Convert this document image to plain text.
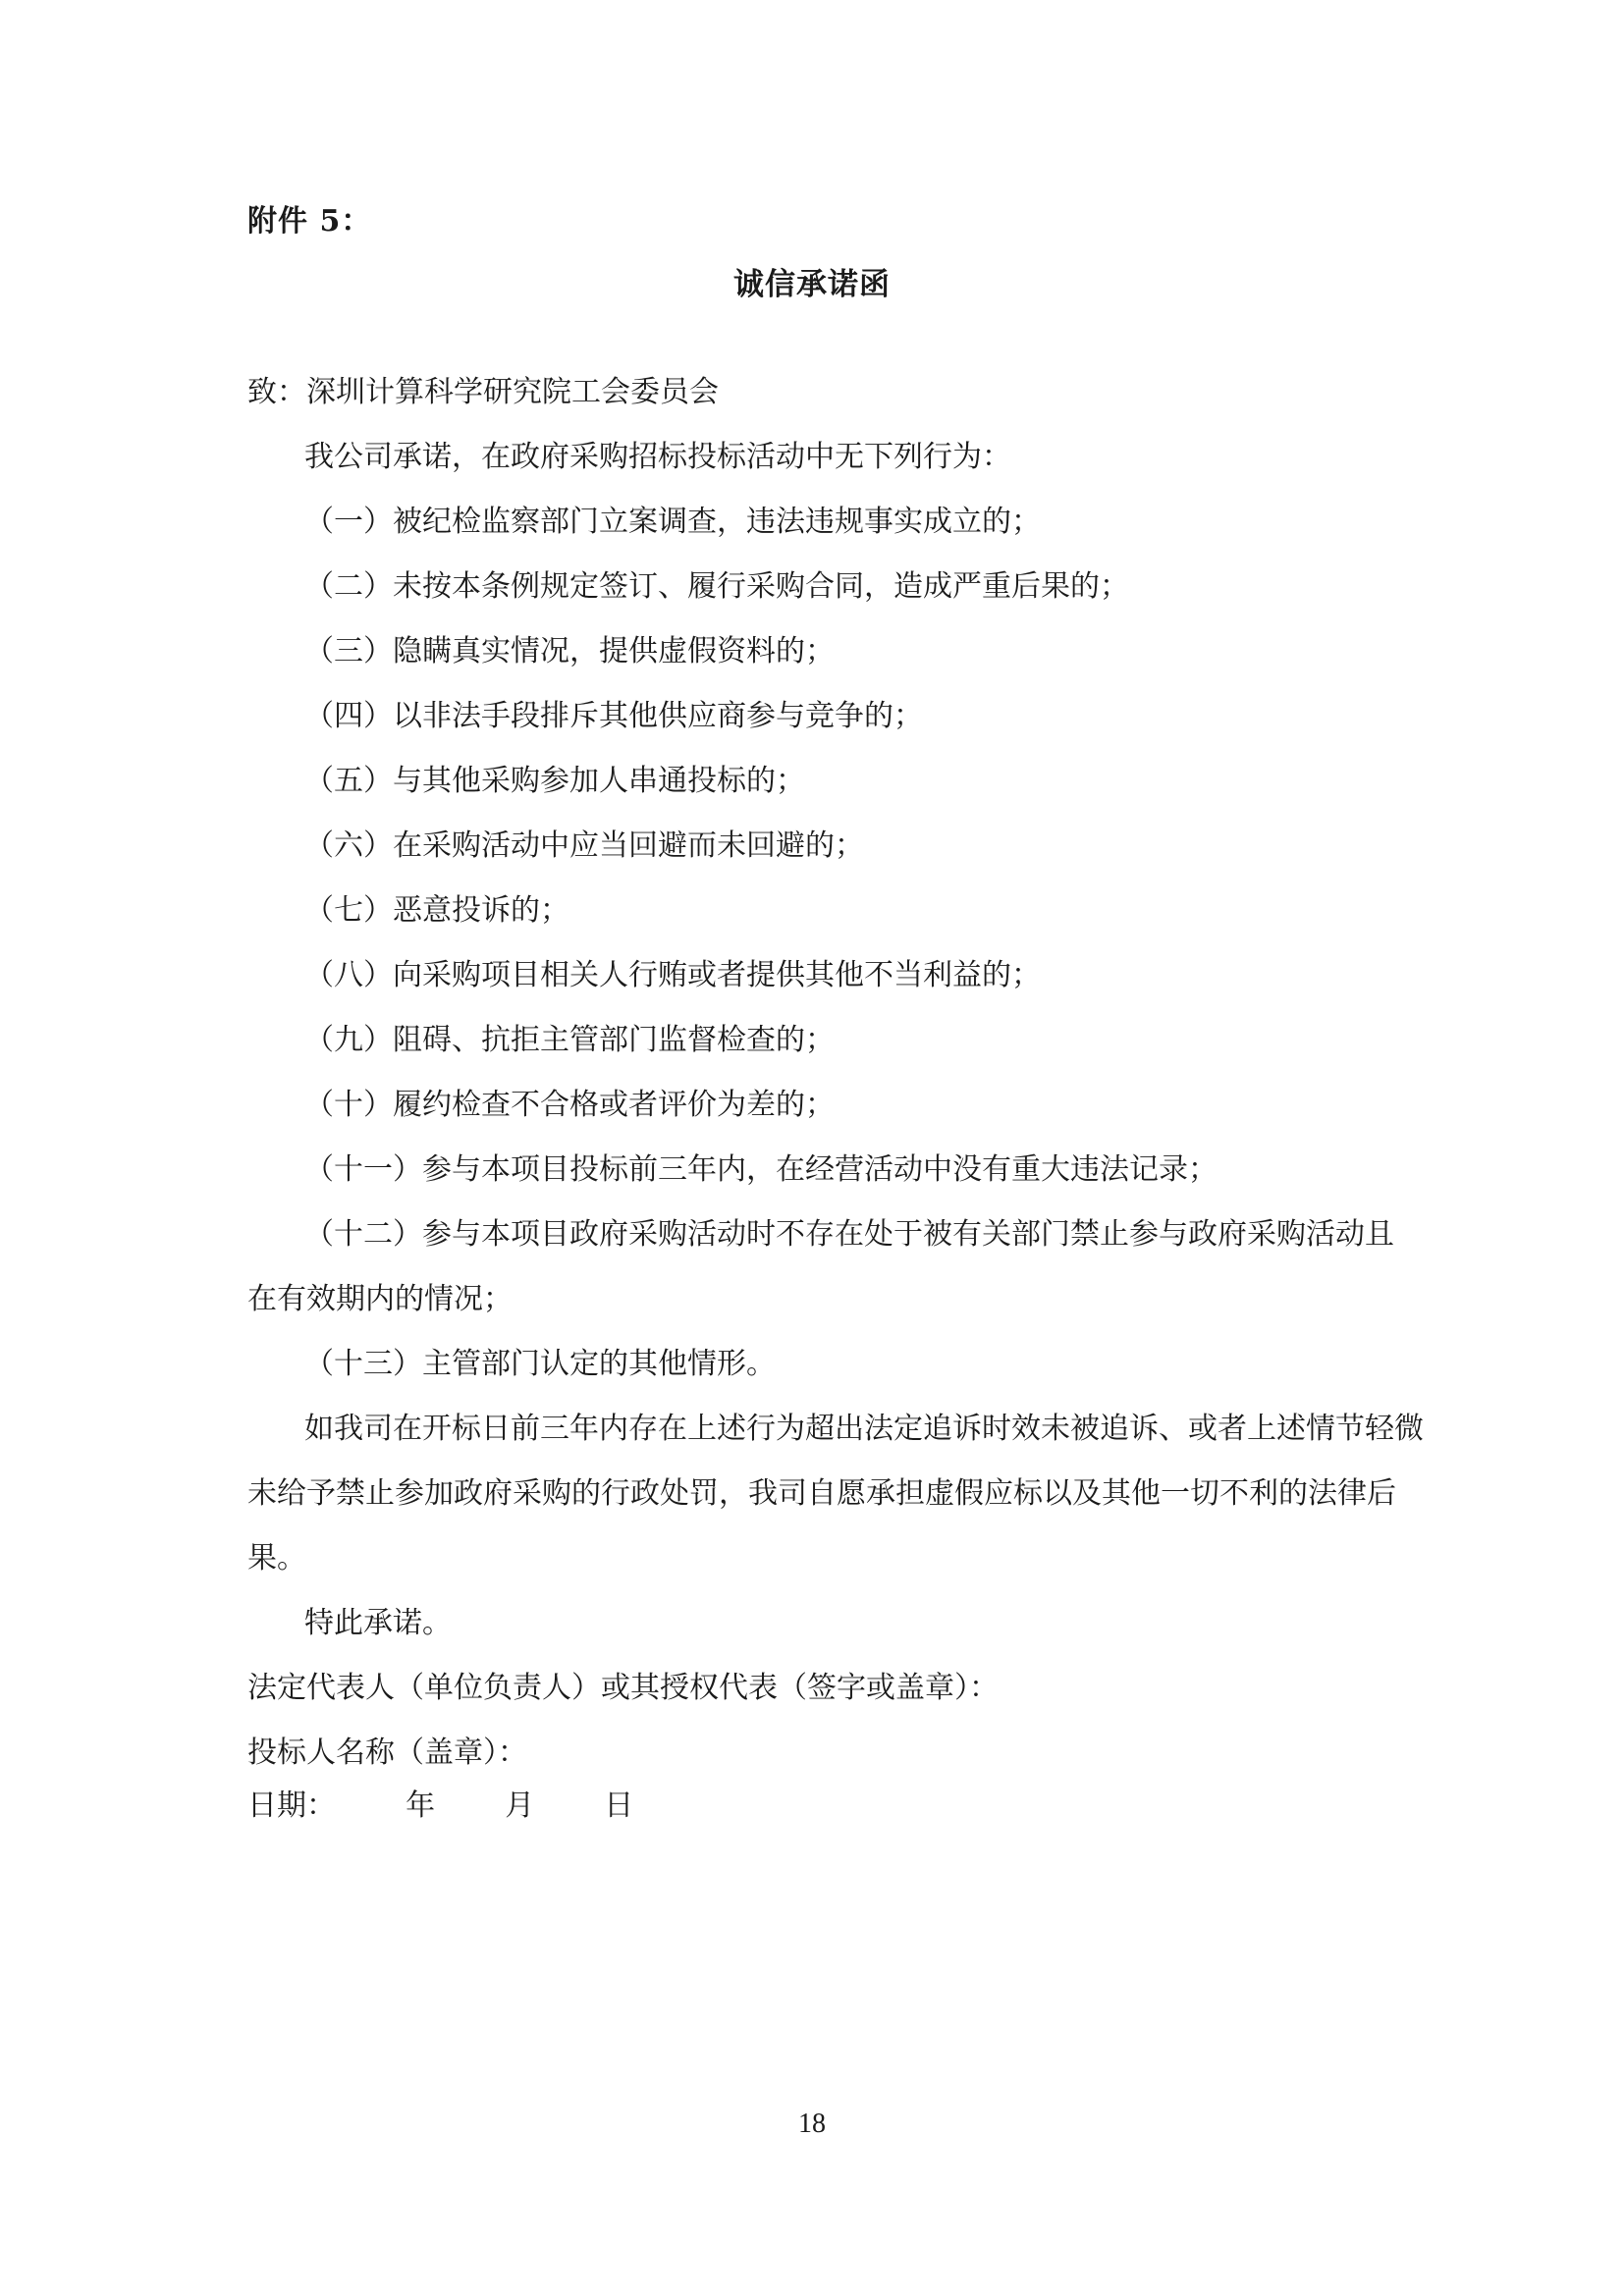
附件 5：
诚信承诺函
致：深圳计算科学研究院工会委员会
我公司承诺，在政府采购招标投标活动中无下列行为：
（一）被纪检监察部门立案调查，违法违规事实成立的；
（二）未按本条例规定签订、履行采购合同，造成严重后果的；
（三）隐瞒真实情况，提供虚假资料的；
（四）以非法手段排斥其他供应商参与竞争的；
（五）与其他采购参加人串通投标的；
（六）在采购活动中应当回避而未回避的；
（七）恶意投诉的；
（八）向采购项目相关人行贿或者提供其他不当利益的；
（九）阻碍、抗拒主管部门监督检查的；
（十）履约检查不合格或者评价为差的；
（十一）参与本项目投标前三年内，在经营活动中没有重大违法记录；
（十二）参与本项目政府采购活动时不存在处于被有关部门禁止参与政府采购活动且
在有效期内的情况；
（十三）主管部门认定的其他情形。
如我司在开标日前三年内存在上述行为超出法定追诉时效未被追诉、或者上述情节轻微
未给予禁止参加政府采购的行政处罚，我司自愿承担虚假应标以及其他一切不利的法律后
果。
特此承诺。
法定代表人（单位负责人）或其授权代表（签字或盖章）：
投标人名称（盖章）：
日期： 年 月 日
18
